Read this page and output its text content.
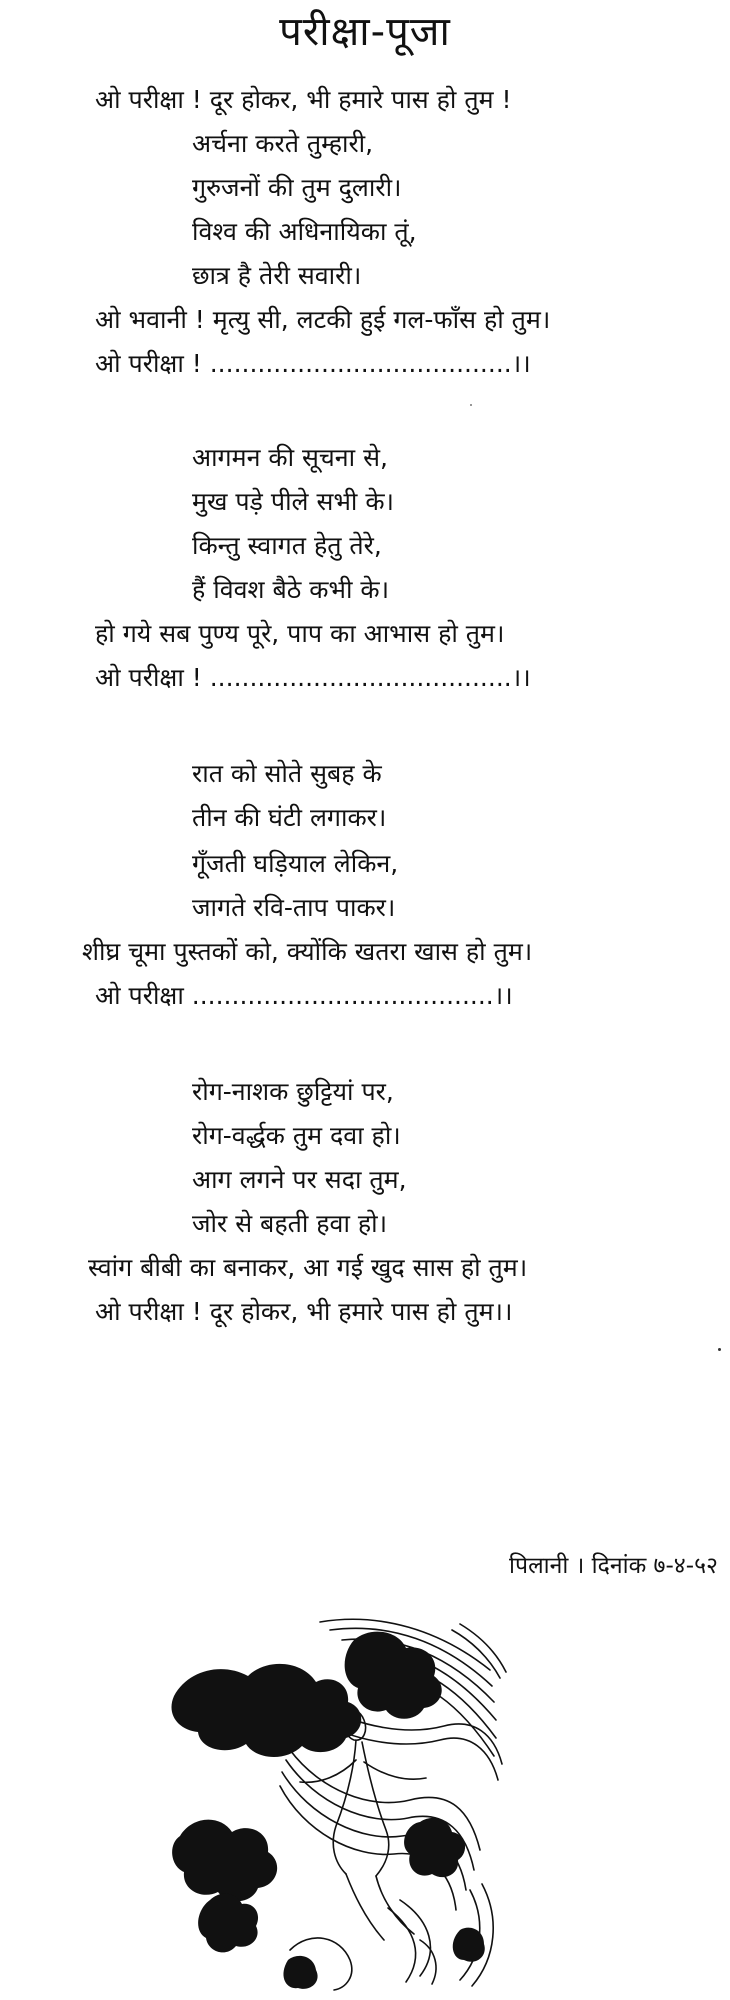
परीक्षा-पूजा
ओ परीक्षा ! दूर होकर, भी हमारे पास हो तुम !
अर्चना करते तुम्हारी,
गुरुजनों की तुम दुलारी।
विश्व की अधिनायिका तूं,
छात्र है तेरी सवारी।
ओ भवानी ! मृत्यु सी, लटकी हुई गल-फाँस हो तुम।
ओ परीक्षा ! ......................................।।
आगमन की सूचना से,
मुख पड़े पीले सभी के।
किन्तु स्वागत हेतु तेरे,
हैं विवश बैठे कभी के।
हो गये सब पुण्य पूरे, पाप का आभास हो तुम।
ओ परीक्षा ! ......................................।।
रात को सोते सुबह के
तीन की घंटी लगाकर।
गूँजती घड़ियाल लेकिन,
जागते रवि-ताप पाकर।
शीघ्र चूमा पुस्तकों को, क्योंकि खतरा खास हो तुम।
ओ परीक्षा ......................................।।
रोग-नाशक छुट्टियां पर,
रोग-वर्द्धक तुम दवा हो।
आग लगने पर सदा तुम,
जोर से बहती हवा हो।
स्वांग बीबी का बनाकर, आ गई खुद सास हो तुम।
ओ परीक्षा ! दूर होकर, भी हमारे पास हो तुम।।
पिलानी । दिनांक ७-४-५२
